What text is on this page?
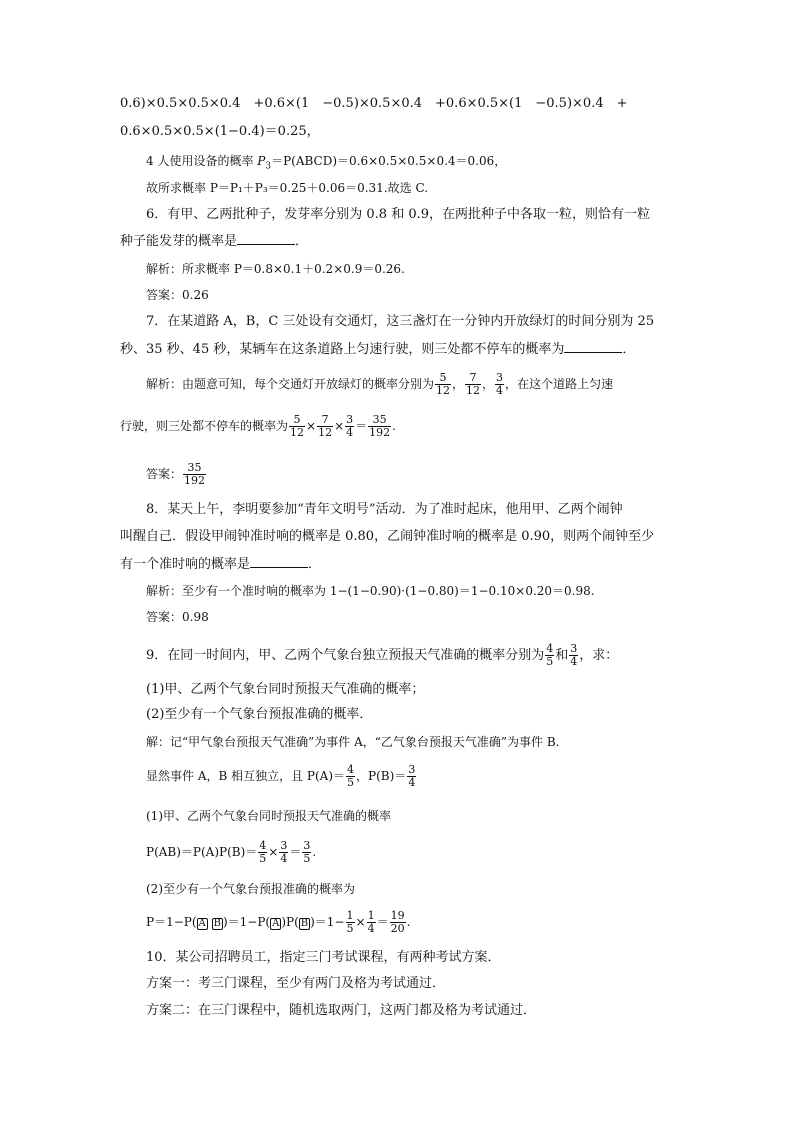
0.6)×0.5×0.5×0.4　+0.6×(1　−0.5)×0.5×0.4　+0.6×0.5×(1　−0.5)×0.4　+
0.6×0.5×0.5×(1−0.4)＝0.25，
4 人使用设备的概率 $P_3=P(ABCD)=0.6\times 0.5\times 0.5\times 0.4=0.06$，
故所求概率 P＝P₁＋P₃＝0.25＋0.06＝0.31.故选 C.
6．有甲、乙两批种子，发芽率分别为 0.8 和 0.9，在两批种子中各取一粒，则恰有一粒
种子能发芽的概率是	．
解析：所求概率 P＝0.8×0.1＋0.2×0.9＝0.26.
答案：0.26
7．在某道路 A，B，C 三处设有交通灯，这三盏灯在一分钟内开放绿灯的时间分别为 25
秒、35 秒、45 秒，某辆车在这条道路上匀速行驶，则三处都不停车的概率为	．
解析：由题意可知，每个交通灯开放绿灯的概率分别为 $\frac{5}{12}$ ， $\frac{7}{12}$ ， $\frac{3}{4}$ ，在这个道路上匀速
行驶，则三处都不停车的概率为 $\frac{5}{12} \times \frac{7}{12} \times \frac{3}{4} = \frac{35}{192}$ .
答案： $\frac{35}{192}$
8．某天上午，李明要参加“青年文明号”活动．为了准时起床，他用甲、乙两个闹钟
叫醒自己．假设甲闹钟准时响的概率是 0.80，乙闹钟准时响的概率是 0.90，则两个闹钟至少
有一个准时响的概率是	．
解析：至少有一个准时响的概率为 1−(1−0.90)·(1−0.80)＝1−0.10×0.20＝0.98.
答案：0.98
9．在同一时间内，甲、乙两个气象台独立预报天气准确的概率分别为 $\frac{4}{5}$ 和 $\frac{3}{4}$ ，求：
(1)甲、乙两个气象台同时预报天气准确的概率；
(2)至少有一个气象台预报准确的概率．
解：记“甲气象台预报天气准确”为事件 A，“乙气象台预报天气准确”为事件 B.
显然事件 A，B 相互独立，且 $P(A)= \frac{4}{5}$ ，$P(B)= \frac{3}{4}$
(1)甲、乙两个气象台同时预报天气准确的概率
$P(AB)=P(A)P(B)= \frac{4}{5} \times \frac{3}{4} = \frac{3}{5}$ .
(2)至少有一个气象台预报准确的概率为
P＝1−P( A B )＝1−P( A )P( B )$=1- \frac{1}{5} \times \frac{1}{4} = \frac{19}{20}$ .
10．某公司招聘员工，指定三门考试课程，有两种考试方案．
方案一：考三门课程，至少有两门及格为考试通过．
方案二：在三门课程中，随机选取两门，这两门都及格为考试通过．
